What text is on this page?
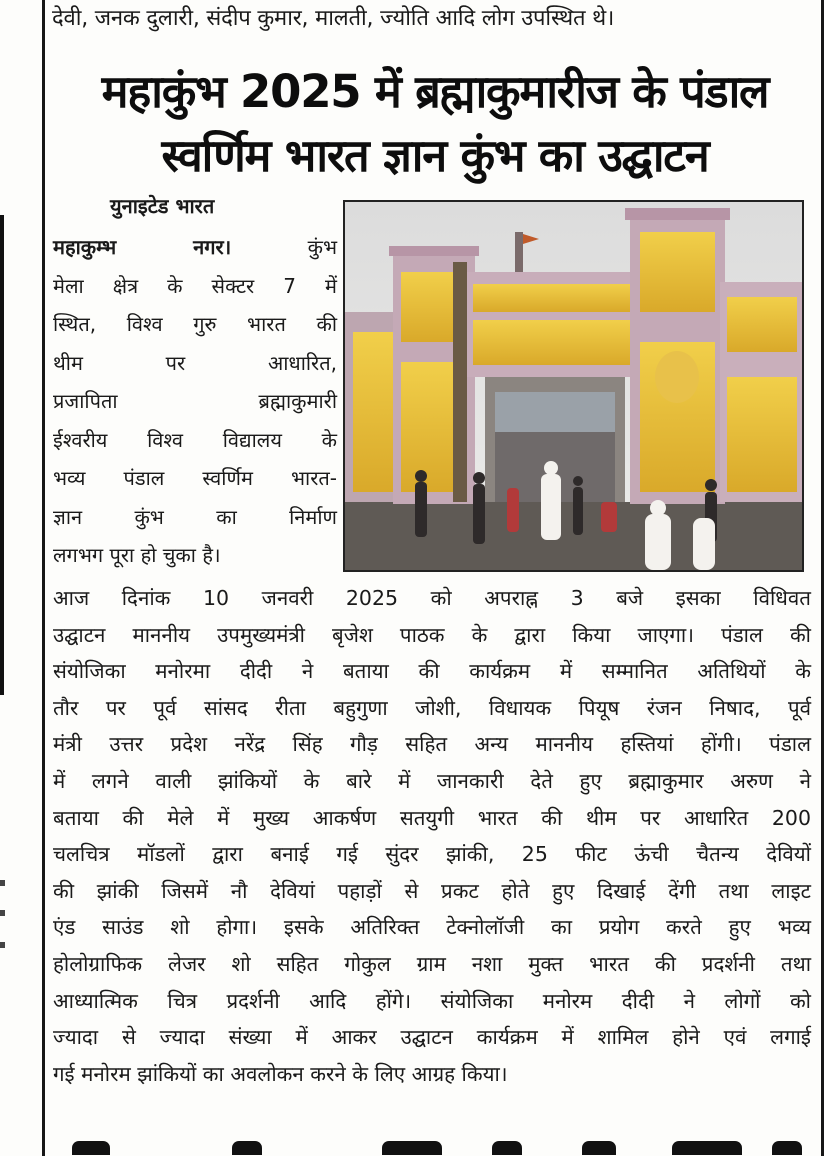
देवी, जनक दुलारी, संदीप कुमार, मालती, ज्योति आदि लोग उपस्थित थे।
महाकुंभ 2025 में ब्रह्माकुमारीज के पंडाल
स्वर्णिम भारत ज्ञान कुंभ का उद्घाटन
युनाइटेड भारत
महाकुम्भ नगर।	कुंभ
मेला क्षेत्र के सेक्टर 7 में
स्थित, विश्व गुरु भारत की
थीम पर आधारित,
प्रजापिता ब्रह्माकुमारी
ईश्वरीय विश्व विद्यालय के
भव्य पंडाल स्वर्णिम भारत-
ज्ञान कुंभ का निर्माण
लगभग पूरा हो चुका है।
आज दिनांक 10 जनवरी 2025 को अपराह्न 3 बजे इसका विधिवत
उद्घाटन माननीय उपमुख्यमंत्री बृजेश पाठक के द्वारा किया जाएगा। पंडाल की
संयोजिका मनोरमा दीदी ने बताया की कार्यक्रम में सम्मानित अतिथियों के
तौर पर पूर्व सांसद रीता बहुगुणा जोशी, विधायक पियूष रंजन निषाद, पूर्व
मंत्री उत्तर प्रदेश नरेंद्र सिंह गौड़ सहित अन्य माननीय हस्तियां होंगी। पंडाल
में लगने वाली झांकियों के बारे में जानकारी देते हुए ब्रह्माकुमार अरुण ने
बताया की मेले में मुख्य आकर्षण सतयुगी भारत की थीम पर आधारित 200
चलचित्र मॉडलों द्वारा बनाई गई सुंदर झांकी, 25 फीट ऊंची चैतन्य देवियों
की झांकी जिसमें नौ देवियां पहाड़ों से प्रकट होते हुए दिखाई देंगी तथा लाइट
एंड साउंड शो होगा। इसके अतिरिक्त टेक्नोलॉजी का प्रयोग करते हुए भव्य
होलोग्राफिक लेजर शो सहित गोकुल ग्राम नशा मुक्त भारत की प्रदर्शनी तथा
आध्यात्मिक चित्र प्रदर्शनी आदि होंगे। संयोजिका मनोरम दीदी ने लोगों को
ज्यादा से ज्यादा संख्या में आकर उद्घाटन कार्यक्रम में शामिल होने एवं लगाई
गई मनोरम झांकियों का अवलोकन करने के लिए आग्रह किया।
